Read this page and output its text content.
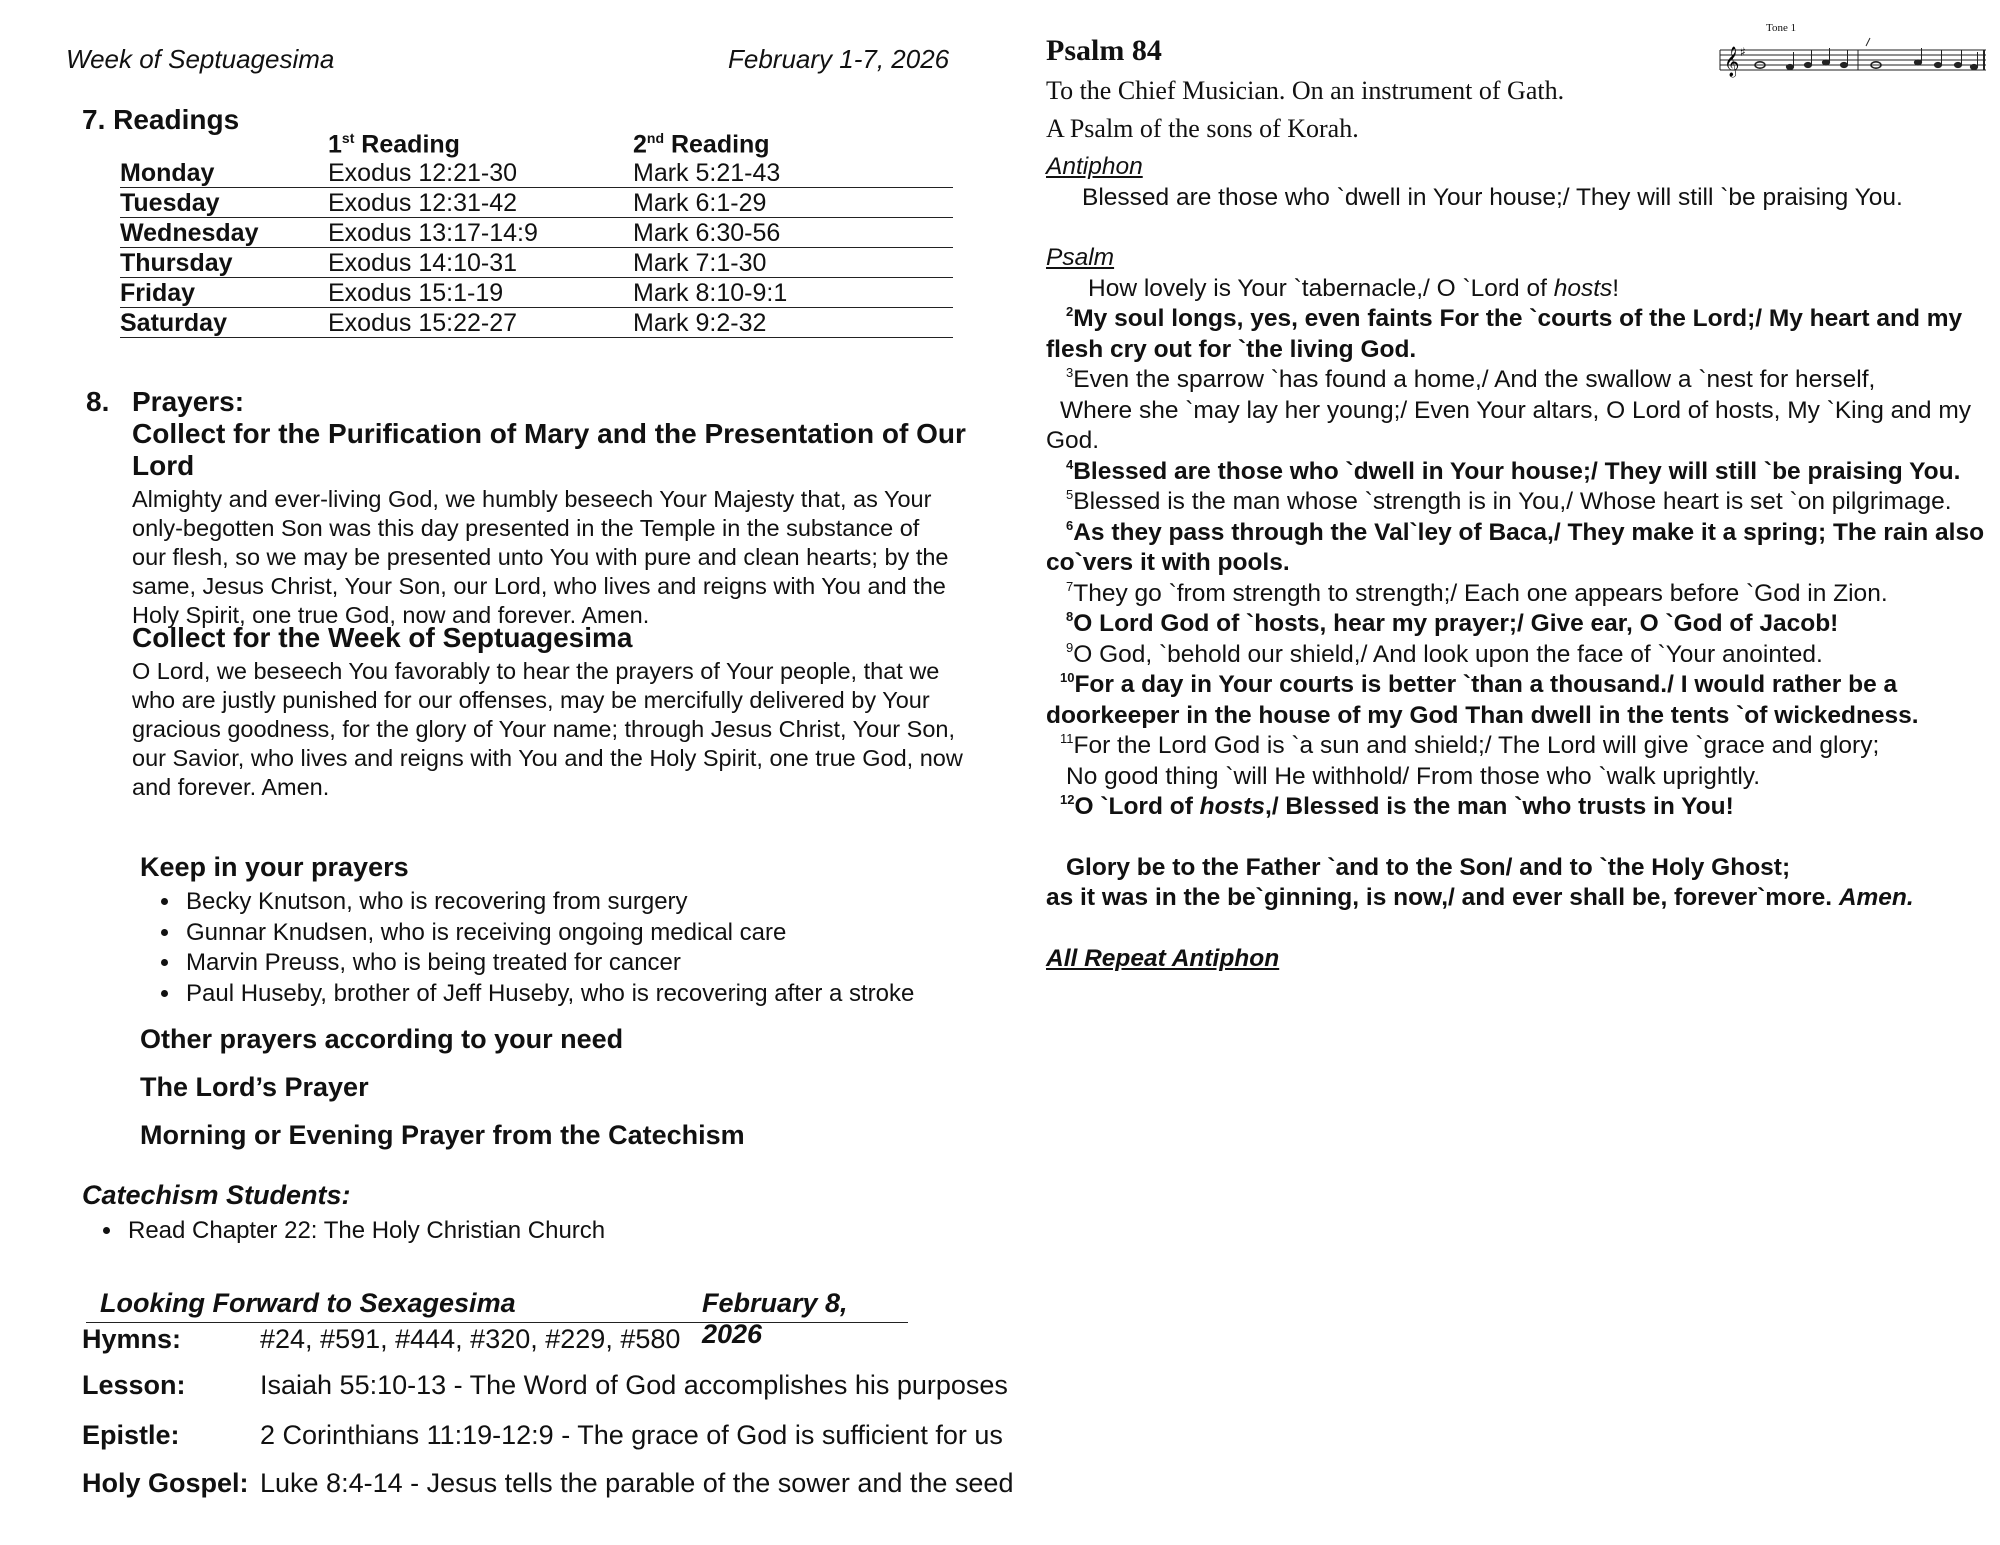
Week of Septuagesima	February 1-7, 2026
7. Readings
	1st Reading	2nd Reading
Monday	Exodus 12:21-30	Mark 5:21-43
Tuesday	Exodus 12:31-42	Mark 6:1-29
Wednesday	Exodus 13:17-14:9	Mark 6:30-56
Thursday	Exodus 14:10-31	Mark 7:1-30
Friday	Exodus 15:1-19	Mark 8:10-9:1
Saturday	Exodus 15:22-27	Mark 9:2-32
8. Prayers:
Collect for the Purification of Mary and the Presentation of Our Lord
Almighty and ever-living God, we humbly beseech Your Majesty that, as Your
only-begotten Son was this day presented in the Temple in the substance of
our flesh, so we may be presented unto You with pure and clean hearts; by the
same, Jesus Christ, Your Son, our Lord, who lives and reigns with You and the
Holy Spirit, one true God, now and forever. Amen.
Collect for the Week of Septuagesima
O Lord, we beseech You favorably to hear the prayers of Your people, that we
who are justly punished for our offenses, may be mercifully delivered by Your
gracious goodness, for the glory of Your name; through Jesus Christ, Your Son,
our Savior, who lives and reigns with You and the Holy Spirit, one true God, now
and forever. Amen.
Keep in your prayers
• Becky Knutson, who is recovering from surgery
• Gunnar Knudsen, who is receiving ongoing medical care
• Marvin Preuss, who is being treated for cancer
• Paul Huseby, brother of Jeff Huseby, who is recovering after a stroke
Other prayers according to your need
The Lord’s Prayer
Morning or Evening Prayer from the Catechism
Catechism Students:
• Read Chapter 22: The Holy Christian Church
Looking Forward to Sexagesima	February 8, 2026
Hymns:	#24, #591, #444, #320, #229, #580
Lesson:	Isaiah 55:10-13 - The Word of God accomplishes his purposes
Epistle:	2 Corinthians 11:19-12:9 - The grace of God is sufficient for us
Holy Gospel: Luke 8:4-14 - Jesus tells the parable of the sower and the seed
Psalm 84
Tone 1
𝄞 ♯
To the Chief Musician. On an instrument of Gath.
A Psalm of the sons of Korah.
Antiphon
Blessed are those who `dwell in Your house;/ They will still `be praising You.
Psalm
How lovely is Your `tabernacle,/ O `Lord of hosts!
$^2$My soul longs, yes, even faints For the `courts of the Lord;/ My heart and my flesh cry out for `the living God.
$^3$Even the sparrow `has found a home,/ And the swallow a `nest for herself,
Where she `may lay her young;/ Even Your altars, O Lord of hosts, My `King and my God.
$^4$Blessed are those who `dwell in Your house;/ They will still `be praising You.
$^5$Blessed is the man whose `strength is in You,/ Whose heart is set `on pilgrimage.
$^6$As they pass through the Val`ley of Baca,/ They make it a spring; The rain also co`vers it with pools.
$^7$They go `from strength to strength;/ Each one appears before `God in Zion.
$^8$O Lord God of `hosts, hear my prayer;/ Give ear, O `God of Jacob!
$^9$O God, `behold our shield,/ And look upon the face of `Your anointed.
$^{10}$For a day in Your courts is better `than a thousand./ I would rather be a doorkeeper in the house of my God Than dwell in the tents `of wickedness.
$^{11}$For the Lord God is `a sun and shield;/ The Lord will give `grace and glory;
No good thing `will He withhold/ From those who `walk uprightly.
$^{12}$O `Lord of hosts,/ Blessed is the man `who trusts in You!
Glory be to the Father `and to the Son/ and to `the Holy Ghost;
as it was in the be`ginning, is now,/ and ever shall be, forever`more. Amen.
All Repeat Antiphon
